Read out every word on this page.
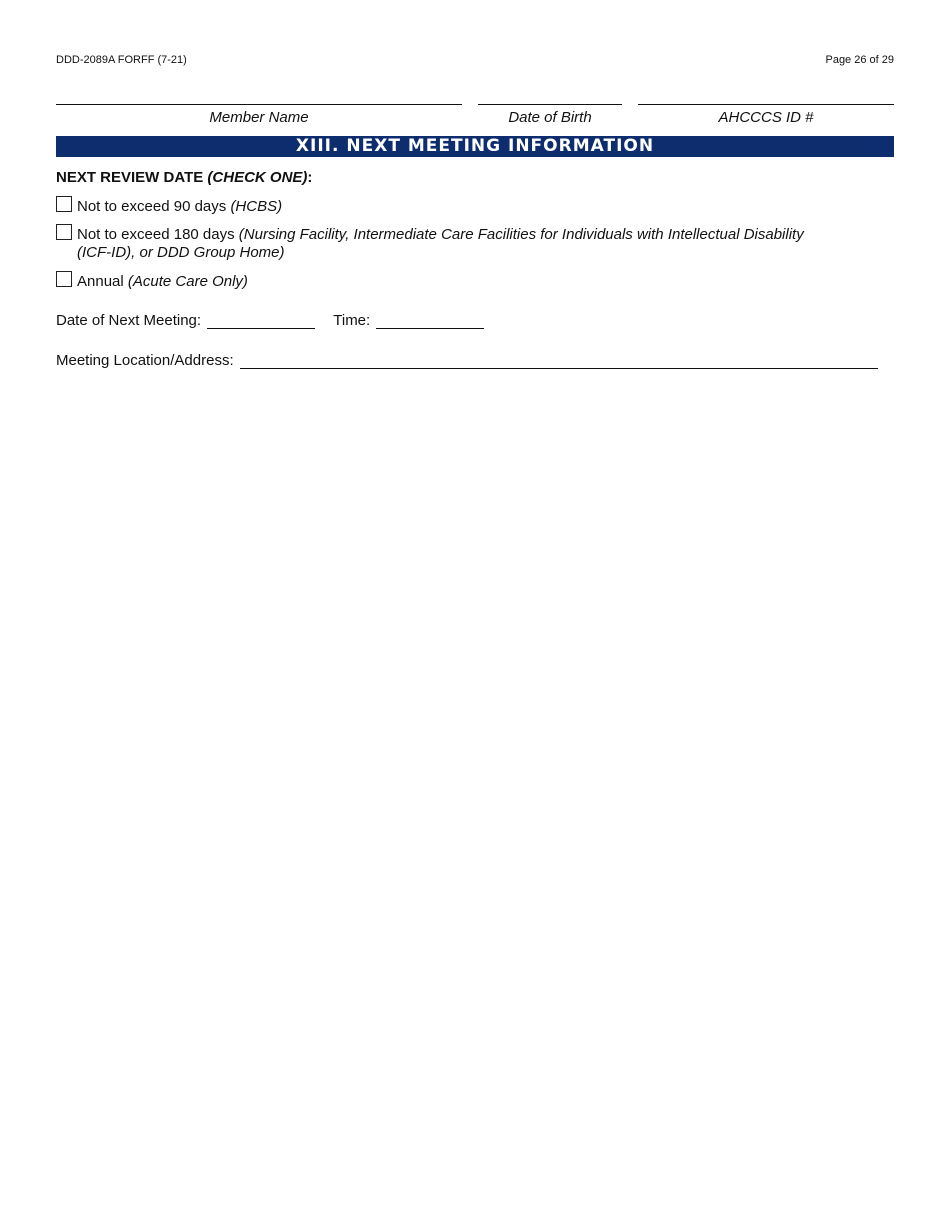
DDD-2089A FORFF (7-21)	Page 26 of 29
Member Name	Date of Birth	AHCCCS ID #
XIII. NEXT MEETING INFORMATION
NEXT REVIEW DATE (CHECK ONE):
Not to exceed 90 days (HCBS)
Not to exceed 180 days (Nursing Facility, Intermediate Care Facilities for Individuals with Intellectual Disability
(ICF-ID), or DDD Group Home)
Annual (Acute Care Only)
Date of Next Meeting:	Time:
Meeting Location/Address:
